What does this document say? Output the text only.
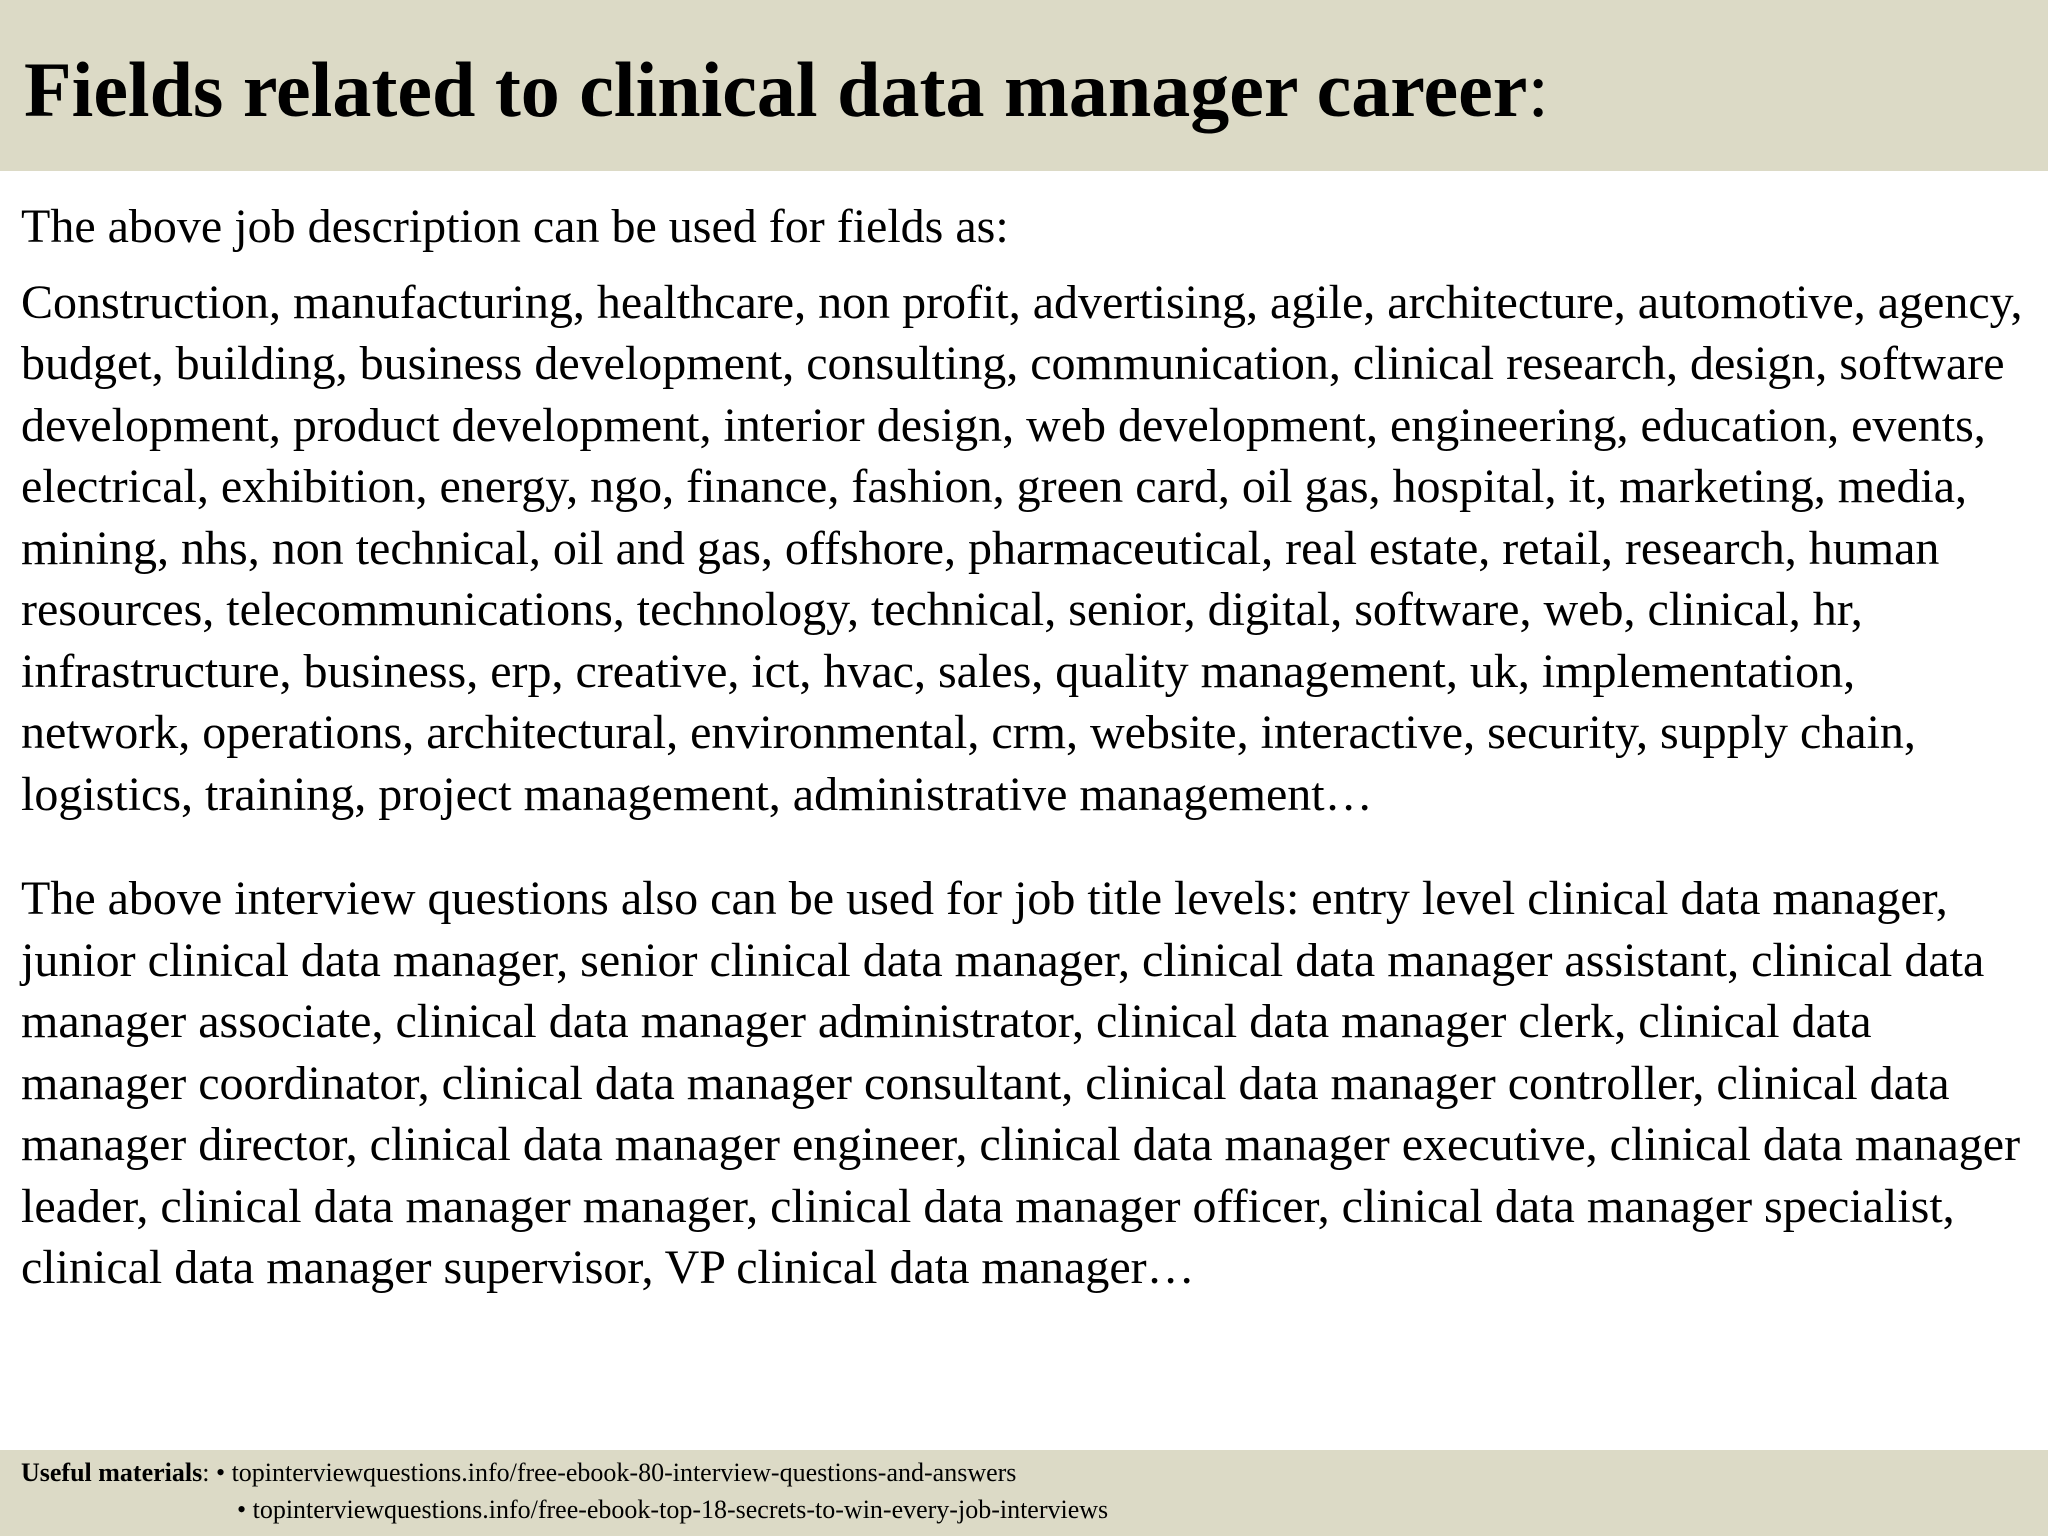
Fields related to clinical data manager career:

The above job description can be used for fields as:

Construction, manufacturing, healthcare, non profit, advertising, agile, architecture, automotive, agency, budget, building, business development, consulting, communication, clinical research, design, software development, product development, interior design, web development, engineering, education, events, electrical, exhibition, energy, ngo, finance, fashion, green card, oil gas, hospital, it, marketing, media, mining, nhs, non technical, oil and gas, offshore, pharmaceutical, real estate, retail, research, human resources, telecommunications, technology, technical, senior, digital, software, web, clinical, hr, infrastructure, business, erp, creative, ict, hvac, sales, quality management, uk, implementation, network, operations, architectural, environmental, crm, website, interactive, security, supply chain, logistics, training, project management, administrative management…

The above interview questions also can be used for job title levels: entry level clinical data manager, junior clinical data manager, senior clinical data manager, clinical data manager assistant, clinical data manager associate, clinical data manager administrator, clinical data manager clerk, clinical data manager coordinator, clinical data manager consultant, clinical data manager controller, clinical data manager director, clinical data manager engineer, clinical data manager executive, clinical data manager leader, clinical data manager manager, clinical data manager officer, clinical data manager specialist, clinical data manager supervisor, VP clinical data manager…

Useful materials: • topinterviewquestions.info/free-ebook-80-interview-questions-and-answers
• topinterviewquestions.info/free-ebook-top-18-secrets-to-win-every-job-interviews
